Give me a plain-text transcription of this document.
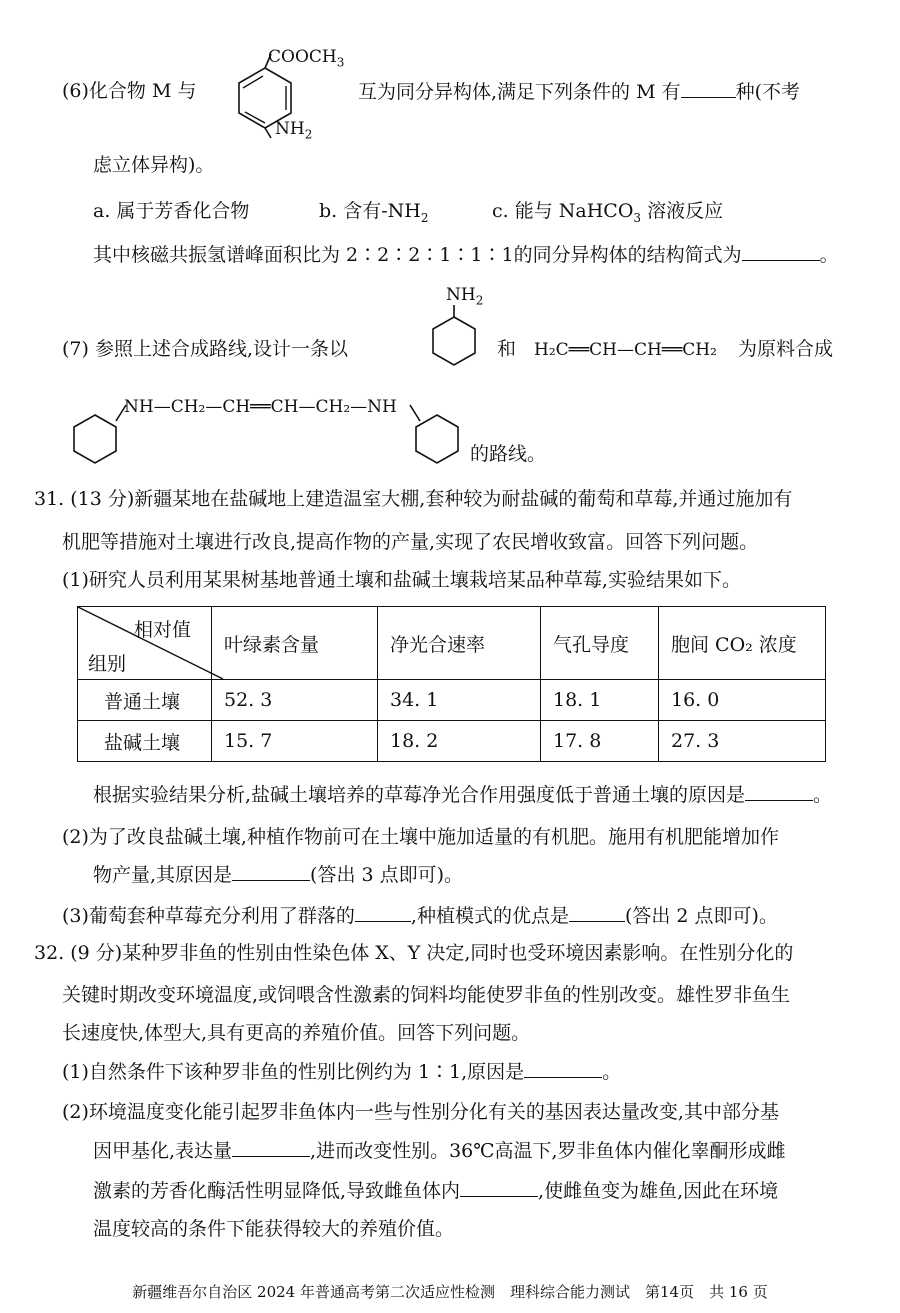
(6)化合物 M 与
$COOCH_3$
$NH_2$
互为同分异构体,满足下列条件的 M 有	种(不考
虑立体异构)。
a. 属于芳香化合物	b. 含有$-NH_2$	c. 能与 NaHCO$_3$ 溶液反应
其中核磁共振氢谱峰面积比为 2∶2∶2∶1∶1∶1的同分异构体的结构简式为	。
$NH_2$
(7) 参照上述合成路线,设计一条以	和 H₂C══CH—CH══CH₂ 为原料合成
NH—CH₂—CH══CH—CH₂—NH
的路线。
31. (13 分)新疆某地在盐碱地上建造温室大棚,套种较为耐盐碱的葡萄和草莓,并通过施加有
机肥等措施对土壤进行改良,提高作物的产量,实现了农民增收致富。回答下列问题。
(1)研究人员利用某果树基地普通土壤和盐碱土壤栽培某品种草莓,实验结果如下。
相对值
组别	叶绿素含量	净光合速率	气孔导度	胞间 CO₂ 浓度
普通土壤	52. 3	34. 1	18. 1	16. 0
盐碱土壤	15. 7	18. 2	17. 8	27. 3
根据实验结果分析,盐碱土壤培养的草莓净光合作用强度低于普通土壤的原因是	。
(2)为了改良盐碱土壤,种植作物前可在土壤中施加适量的有机肥。施用有机肥能增加作
物产量,其原因是	(答出 3 点即可)。
(3)葡萄套种草莓充分利用了群落的	,种植模式的优点是	(答出 2 点即可)。
32. (9 分)某种罗非鱼的性别由性染色体 X、Y 决定,同时也受环境因素影响。在性别分化的
关键时期改变环境温度,或饲喂含性激素的饲料均能使罗非鱼的性别改变。雄性罗非鱼生
长速度快,体型大,具有更高的养殖价值。回答下列问题。
(1)自然条件下该种罗非鱼的性别比例约为 1∶1,原因是	。
(2)环境温度变化能引起罗非鱼体内一些与性别分化有关的基因表达量改变,其中部分基
因甲基化,表达量	,进而改变性别。36℃高温下,罗非鱼体内催化睾酮形成雌
激素的芳香化酶活性明显降低,导致雌鱼体内	,使雌鱼变为雄鱼,因此在环境
温度较高的条件下能获得较大的养殖价值。
新疆维吾尔自治区 2024 年普通高考第二次适应性检测　理科综合能力测试　第14页　共 16 页
